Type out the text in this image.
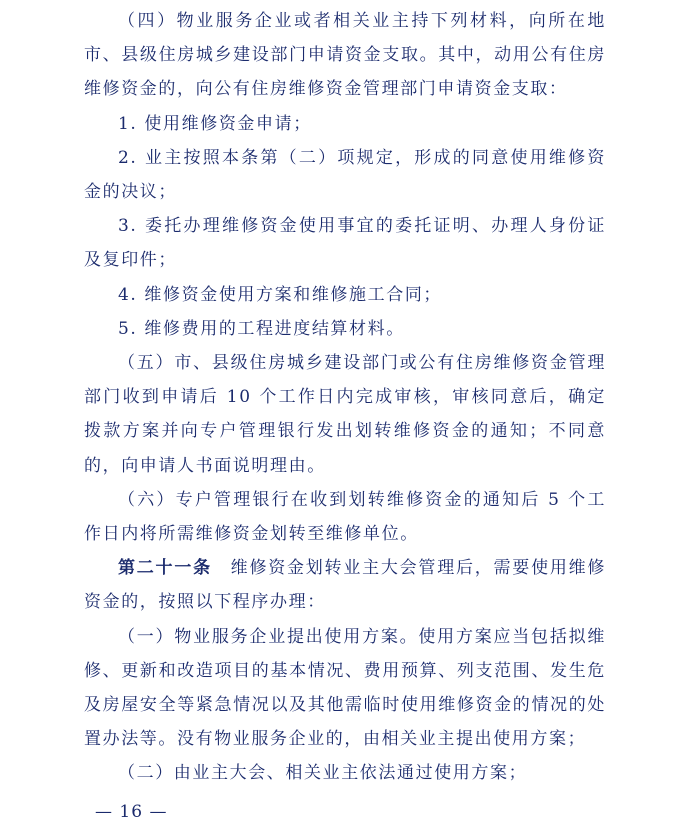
（四）物业服务企业或者相关业主持下列材料，向所在地市、县级住房城乡建设部门申请资金支取。其中，动用公有住房维修资金的，向公有住房维修资金管理部门申请资金支取：

1. 使用维修资金申请；

2. 业主按照本条第（二）项规定，形成的同意使用维修资金的决议；

3. 委托办理维修资金使用事宜的委托证明、办理人身份证及复印件；

4. 维修资金使用方案和维修施工合同；

5. 维修费用的工程进度结算材料。

（五）市、县级住房城乡建设部门或公有住房维修资金管理部门收到申请后 10 个工作日内完成审核，审核同意后，确定拨款方案并向专户管理银行发出划转维修资金的通知；不同意的，向申请人书面说明理由。

（六）专户管理银行在收到划转维修资金的通知后 5 个工作日内将所需维修资金划转至维修单位。

第二十一条　维修资金划转业主大会管理后，需要使用维修资金的，按照以下程序办理：

（一）物业服务企业提出使用方案。使用方案应当包括拟维修、更新和改造项目的基本情况、费用预算、列支范围、发生危及房屋安全等紧急情况以及其他需临时使用维修资金的情况的处置办法等。没有物业服务企业的，由相关业主提出使用方案；

（二）由业主大会、相关业主依法通过使用方案；

— 16 —
